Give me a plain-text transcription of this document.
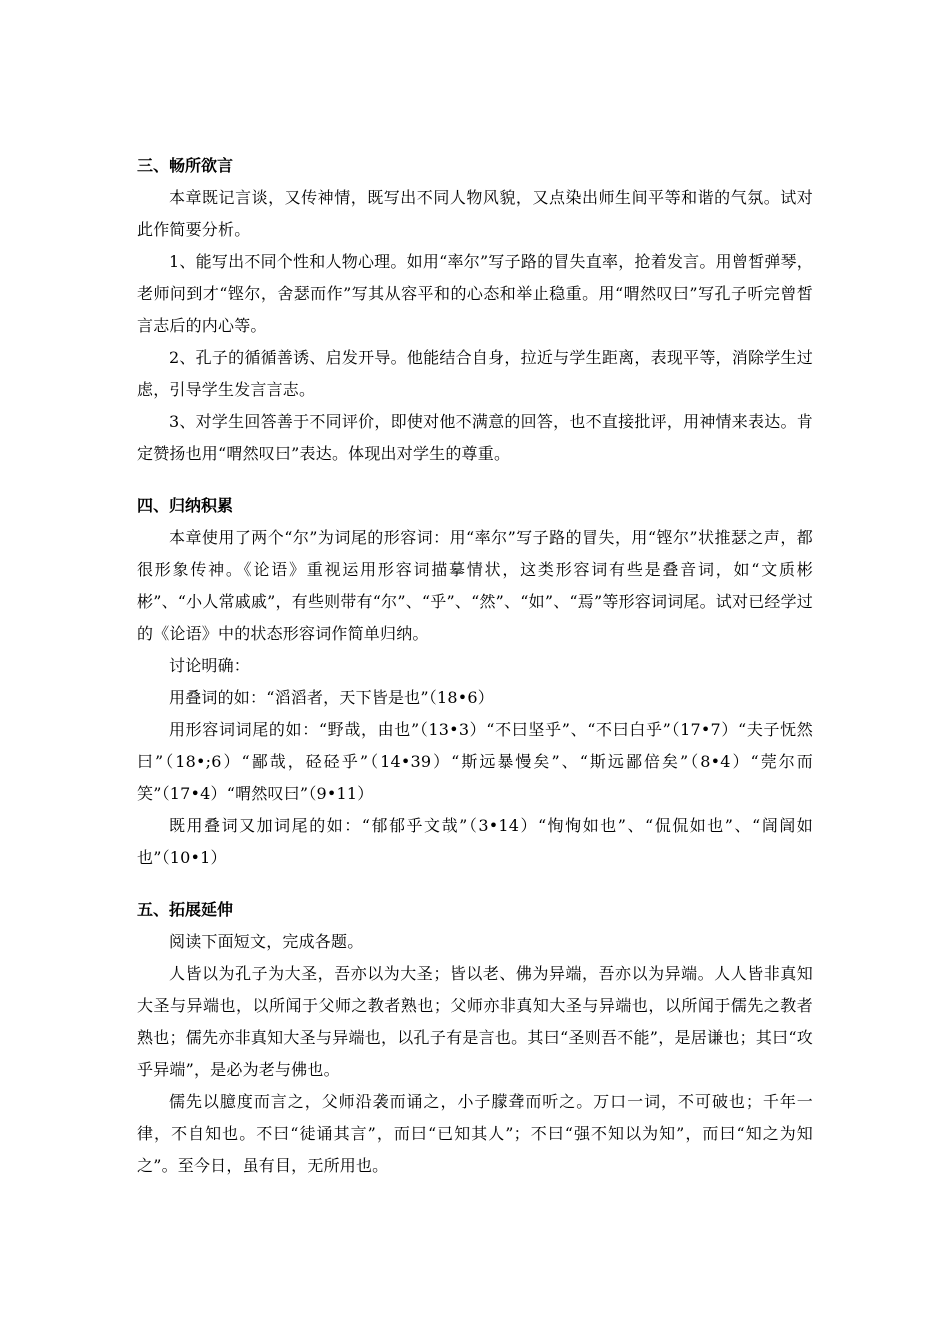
三、畅所欲言

本章既记言谈，又传神情，既写出不同人物风貌，又点染出师生间平等和谐的气氛。试对此作简要分析。

1、能写出不同个性和人物心理。如用“率尔”写子路的冒失直率，抢着发言。用曾皙弹琴，老师问到才“铿尔，舍瑟而作”写其从容平和的心态和举止稳重。用“喟然叹曰”写孔子听完曾皙言志后的内心等。

2、孔子的循循善诱、启发开导。他能结合自身，拉近与学生距离，表现平等，消除学生过虑，引导学生发言言志。

3、对学生回答善于不同评价，即使对他不满意的回答，也不直接批评，用神情来表达。肯定赞扬也用“喟然叹曰”表达。体现出对学生的尊重。

四、归纳积累

本章使用了两个“尔”为词尾的形容词：用“率尔”写子路的冒失，用“铿尔”状推瑟之声，都很形象传神。《论语》重视运用形容词描摹情状，这类形容词有些是叠音词，如“文质彬彬”、“小人常戚戚”，有些则带有“尔”、“乎”、“然”、“如”、“焉”等形容词词尾。试对已经学过的《论语》中的状态形容词作简单归纳。

讨论明确：

用叠词的如：“滔滔者，天下皆是也”（18•6）

用形容词词尾的如：“野哉，由也”（13•3）“不曰坚乎”、“不曰白乎”（17•7）“夫子怃然曰”（18•;6）“鄙哉，硁硁乎”（14•39）“斯远暴慢矣”、“斯远鄙倍矣”（8•4）“莞尔而笑”（17•4）“喟然叹曰”（9•11）

既用叠词又加词尾的如：“郁郁乎文哉”（3•14）“恂恂如也”、“侃侃如也”、“訚訚如也”（10•1）

五、拓展延伸

阅读下面短文，完成各题。

人皆以为孔子为大圣，吾亦以为大圣；皆以老、佛为异端，吾亦以为异端。人人皆非真知大圣与异端也，以所闻于父师之教者熟也；父师亦非真知大圣与异端也，以所闻于儒先之教者熟也；儒先亦非真知大圣与异端也，以孔子有是言也。其曰“圣则吾不能”，是居谦也；其曰“攻乎异端”，是必为老与佛也。

儒先以臆度而言之，父师沿袭而诵之，小子朦聋而听之。万口一词，不可破也；千年一律，不自知也。不曰“徒诵其言”，而曰“已知其人”；不曰“强不知以为知”，而曰“知之为知之”。至今日，虽有目，无所用也。
